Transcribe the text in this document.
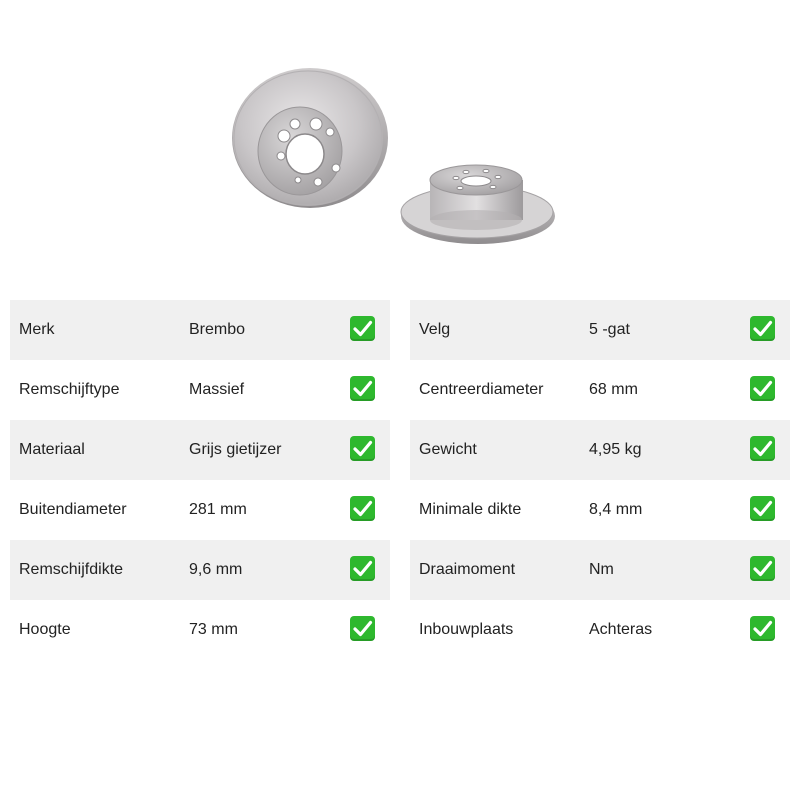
Merk	Brembo
Remschijftype	Massief
Materiaal	Grijs gietijzer
Buitendiameter	281 mm
Remschijfdikte	9,6 mm
Hoogte	73 mm
Velg	5 -gat
Centreerdiameter	68 mm
Gewicht	4,95 kg
Minimale dikte	8,4 mm
Draaimoment	Nm
Inbouwplaats	Achteras
